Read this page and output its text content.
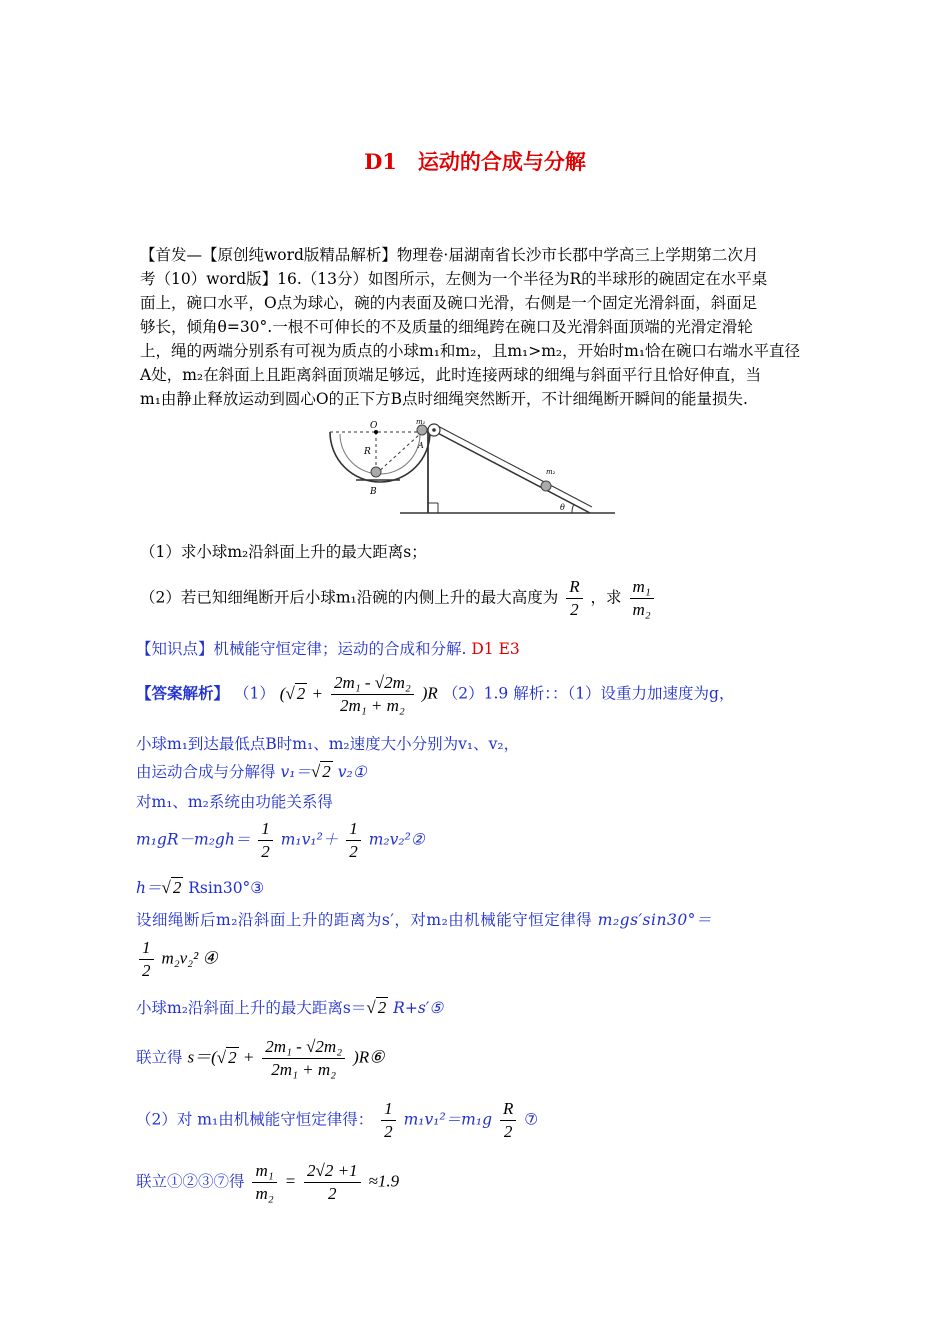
D1　运动的合成与分解
【首发—【原创纯word版精品解析】物理卷·届湖南省长沙市长郡中学高三上学期第二次月
考（10）word版】16.（13分）如图所示，左侧为一个半径为R的半球形的碗固定在水平桌
面上，碗口水平，O点为球心，碗的内表面及碗口光滑，右侧是一个固定光滑斜面，斜面足
够长，倾角θ=30°.一根不可伸长的不及质量的细绳跨在碗口及光滑斜面顶端的光滑定滑轮
上，绳的两端分别系有可视为质点的小球m₁和m₂，且m₁>m₂，开始时m₁恰在碗口右端水平直径
A处，m₂在斜面上且距离斜面顶端足够远，此时连接两球的细绳与斜面平行且恰好伸直，当
m₁由静止释放运动到圆心O的正下方B点时细绳突然断开，不计细绳断开瞬间的能量损失.
O
R
A
B
m₁
m₂
θ
（1）求小球m₂沿斜面上升的最大距离s；
（2）若已知细绳断开后小球m₁沿碗的内侧上升的最大高度为 $\frac{R}{2}$ ，求 $\frac{\text{m₁}}{\text{m₂}}$
【知识点】机械能守恒定律；运动的合成和分解. D1 E3
【答案解析】 （1） (√ $2 + \frac{\text{2m₁ - √2m₂}}{\text{2m₁ + m₂}} )R$ （2）1.9 解析：：（1）设重力加速度为g，
小球m₁到达最低点B时m₁、m₂速度大小分别为v₁、v₂，
由运动合成与分解得 v₁＝√ 2 v₂①
对m₁、m₂系统由功能关系得
$m_1gR-m_2gh= \frac{1}{2} m_1v_1^2+ \frac{1}{2}$ m₂v₂²②
h＝√ 2 Rsin30°③
设细绳断后m₂沿斜面上升的距离为s′，对m₂由机械能守恒定律得 m₂gs′sin30°＝
$\frac{1}{2} m_2v_2^2$ ④
小球m₂沿斜面上升的最大距离s＝√ 2 R+s′⑤
联立得 s＝(√ $2 + \frac{\text{2m₁ - √2m₂}}{\text{2m₁ + m₂}}$ )R⑥
（2）对 m₁由机械能守恒定律得： $\frac{1}{2} m_1v_1^2=m_1g \frac{R}{2}$ ⑦
联立①②③⑦得 $\frac{\text{m₁}}{\text{m₂}} = \frac{2√2 +1}{2} \approx 1.9$
